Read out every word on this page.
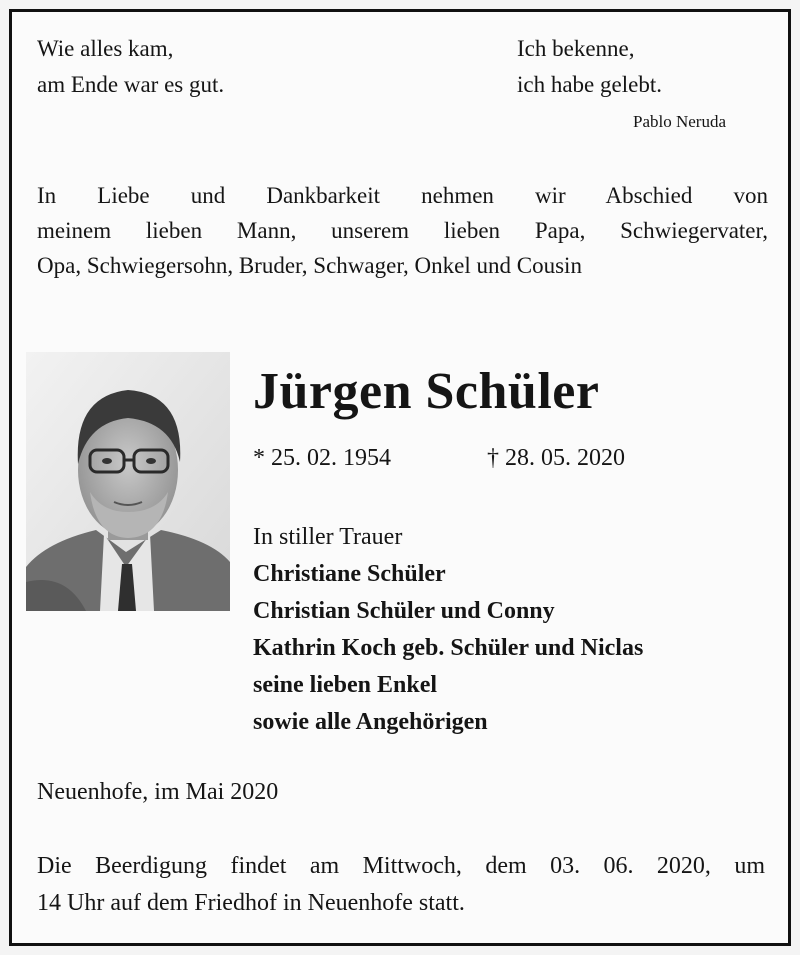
Wie alles kam,
am Ende war es gut.
Ich bekenne,
ich habe gelebt.
Pablo Neruda
In Liebe und Dankbarkeit nehmen wir Abschied von
meinem lieben Mann, unserem lieben Papa, Schwiegervater,
Opa, Schwiegersohn, Bruder, Schwager, Onkel und Cousin
Jürgen Schüler
* 25. 02. 1954	† 28. 05. 2020
In stiller Trauer
Christiane Schüler
Christian Schüler und Conny
Kathrin Koch geb. Schüler und Niclas
seine lieben Enkel
sowie alle Angehörigen
Neuenhofe, im Mai 2020
Die Beerdigung findet am Mittwoch, dem 03. 06. 2020, um
14 Uhr auf dem Friedhof in Neuenhofe statt.
